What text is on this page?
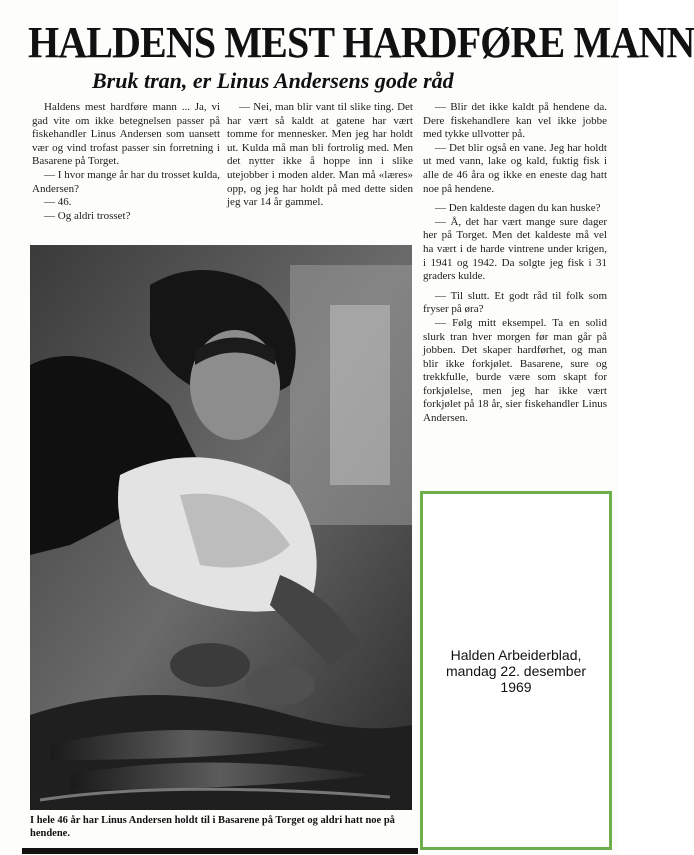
HALDENS MEST HARDFØRE MANN
Bruk tran, er Linus Andersens gode råd

Haldens mest hardføre mann ... Ja, vi gad vite om ikke betegnelsen passer på fiskehandler Linus Andersen som uansett vær og vind trofast passer sin forretning i Basarene på Torget.

— I hvor mange år har du trosset kulda, Andersen?

— 46.

— Og aldri trosset?

— Nei, man blir vant til slike ting. Det har vært så kaldt at gatene har vært tomme for mennesker. Men jeg har holdt ut. Kulda må man bli fortrolig med. Men det nytter ikke å hoppe inn i slike utejobber i moden alder. Man må «læres» opp, og jeg har holdt på med dette siden jeg var 14 år gammel.

— Blir det ikke kaldt på hendene da. Dere fiskehandlere kan vel ikke jobbe med tykke ullvotter på.

— Det blir også en vane. Jeg har holdt ut med vann, lake og kald, fuktig fisk i alle de 46 åra og ikke en eneste dag hatt noe på hendene.

— Den kaldeste dagen du kan huske?

— Å, det har vært mange sure dager her på Torget. Men det kaldeste må vel ha vært i de harde vintrene under krigen, i 1941 og 1942. Da solgte jeg fisk i 31 graders kulde.

— Til slutt. Et godt råd til folk som fryser på øra?

— Følg mitt eksempel. Ta en solid slurk tran hver morgen før man går på jobben. Det skaper hardførhet, og man blir ikke forkjølet. Basarene, sure og trekkfulle, burde være som skapt for forkjølelse, men jeg har ikke vært forkjølet på 18 år, sier fiskehandler Linus Andersen.

I hele 46 år har Linus Andersen holdt til i Basarene på Torget og aldri hatt noe på hendene.
Halden Arbeiderblad,
mandag 22. desember
1969
